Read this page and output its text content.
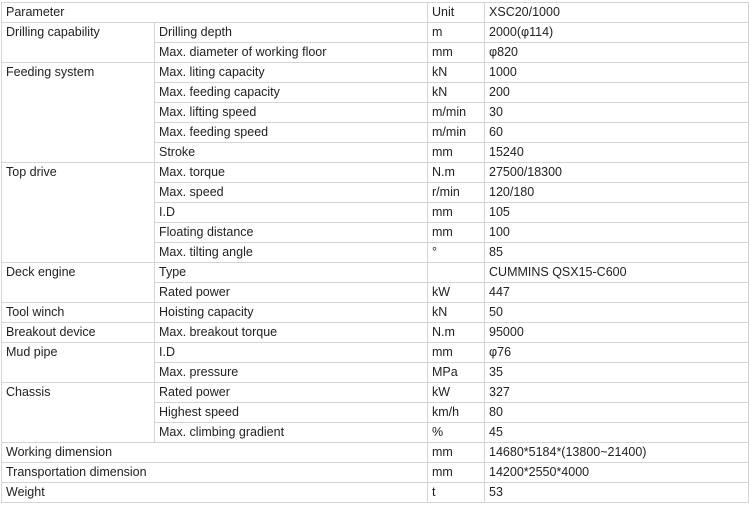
Parameter		Unit	XSC20/1000
Drilling capability	Drilling depth	m	2000(φ114)
	Max. diameter of working floor	mm	φ820
Feeding system	Max. liting capacity	kN	1000
	Max. feeding capacity	kN	200
	Max. lifting speed	m/min	30
	Max. feeding speed	m/min	60
	Stroke	mm	15240
Top drive	Max. torque	N.m	27500/18300
	Max. speed	r/min	120/180
	I.D	mm	105
	Floating distance	mm	100
	Max. tilting angle	°	85
Deck engine	Type		CUMMINS QSX15-C600
	Rated power	kW	447
Tool winch	Hoisting capacity	kN	50
Breakout device	Max. breakout torque	N.m	95000
Mud pipe	I.D	mm	φ76
	Max. pressure	MPa	35
Chassis	Rated power	kW	327
	Highest speed	km/h	80
	Max. climbing gradient	%	45
Working dimension		mm	14680*5184*(13800~21400)
Transportation dimension		mm	14200*2550*4000
Weight		t	53
